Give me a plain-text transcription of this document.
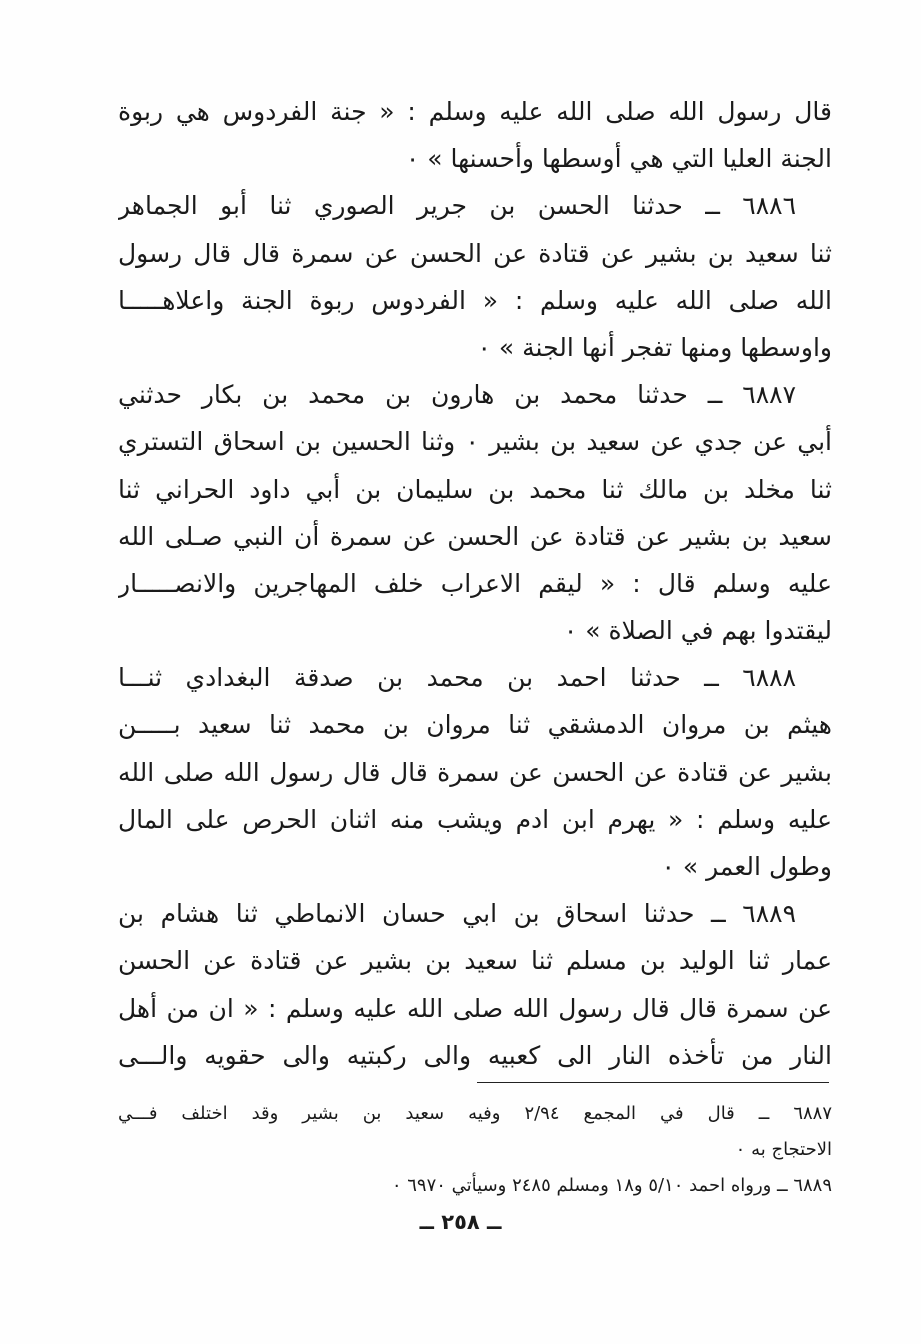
قال رسول الله صلى الله عليه وسلم : « جنة الفردوس هي ربوة
الجنة العليا التي هي أوسطها وأحسنها » ٠
٦٨٨٦ ــ حدثنا الحسن بن جرير الصوري ثنا أبو الجماهر
ثنا سعيد بن بشير عن قتادة عن الحسن عن سمرة قال قال رسول
الله صلى الله عليه وسلم : « الفردوس ربوة الجنة واعلاهـــــا
واوسطها ومنها تفجر أنها الجنة » ٠
٦٨٨٧ ــ حدثنا محمد بن هارون بن محمد بن بكار حدثني
أبي عن جدي عن سعيد بن بشير ٠ وثنا الحسين بن اسحاق التستري
ثنا مخلد بن مالك ثنا محمد بن سليمان بن أبي داود الحراني ثنا
سعيد بن بشير عن قتادة عن الحسن عن سمرة أن النبي صـلى الله
عليه وسلم قال : « ليقم الاعراب خلف المهاجرين والانصـــــار
ليقتدوا بهم في الصلاة » ٠
٦٨٨٨ ــ حدثنا احمد بن محمد بن صدقة البغدادي ثنـــا
هيثم بن مروان الدمشقي ثنا مروان بن محمد ثنا سعيد بـــــن
بشير عن قتادة عن الحسن عن سمرة قال قال رسول الله صلى الله
عليه وسلم : « يهرم ابن ادم ويشب منه اثنان الحرص على المال
وطول العمر » ٠
٦٨٨٩ ــ حدثنا اسحاق بن ابي حسان الانماطي ثنا هشام بن
عمار ثنا الوليد بن مسلم ثنا سعيد بن بشير عن قتادة عن الحسن
عن سمرة قال قال رسول الله صلى الله عليه وسلم : « ان من أهل
النار من تأخذه النار الى كعبيه والى ركبتيه والى حقويه والـــى
٦٨٨٧ ــ قال في المجمع ٢/٩٤ وفيه سعيد بن بشير وقد اختلف فـــي
الاحتجاج به ٠
٦٨٨٩ ــ ورواه احمد ٥/١٠ و١٨ ومسلم ٢٤٨٥ وسيأتي ٦٩٧٠ ٠
ــ ٢٥٨ ــ
